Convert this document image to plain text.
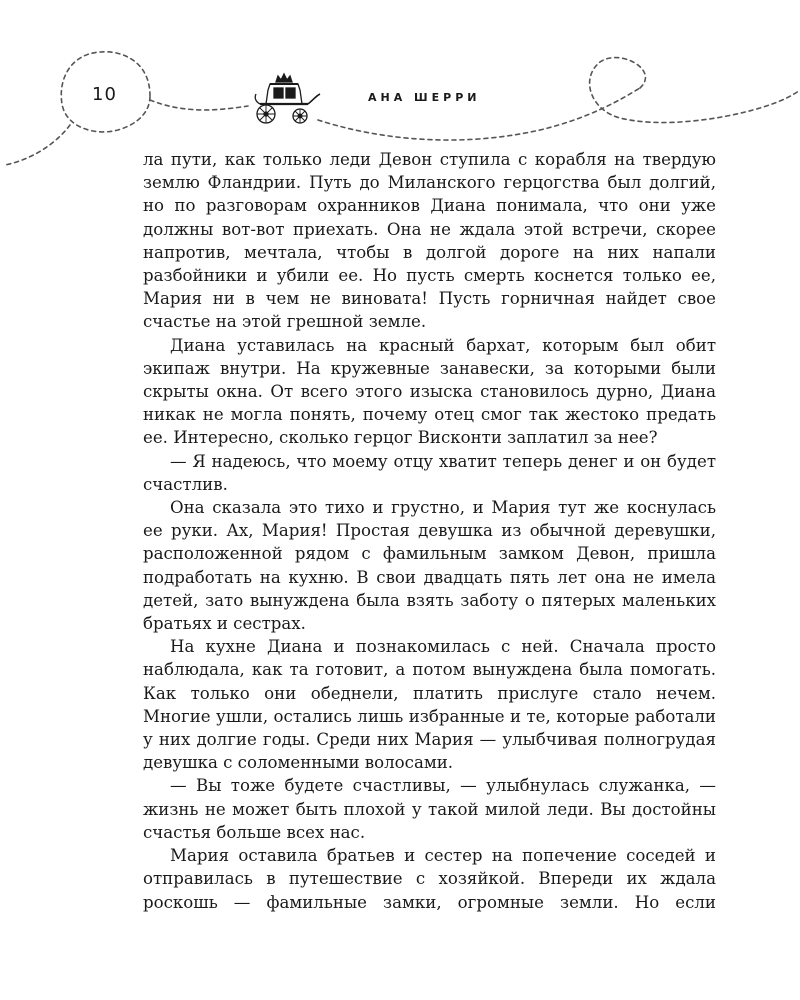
10	АНА ШЕРРИ

ла пути, как только леди Девон ступила с корабля на твердую землю Фландрии. Путь до Миланского герцогства был долгий, но по разговорам охранников Диана понимала, что они уже должны вот-вот приехать. Она не ждала этой встречи, скорее напротив, мечтала, чтобы в долгой дороге на них напали разбойники и убили ее. Но пусть смерть коснется только ее, Мария ни в чем не виновата! Пусть горничная найдет свое счастье на этой грешной земле.

Диана уставилась на красный бархат, которым был обит экипаж внутри. На кружевные занавески, за которыми были скрыты окна. От всего этого изыска становилось дурно, Диана никак не могла понять, почему отец смог так жестоко предать ее. Интересно, сколько герцог Висконти заплатил за нее?

— Я надеюсь, что моему отцу хватит теперь денег и он будет счастлив.

Она сказала это тихо и грустно, и Мария тут же коснулась ее руки. Ах, Мария! Простая девушка из обычной деревушки, расположенной рядом с фамильным замком Девон, пришла подработать на кухню. В свои двадцать пять лет она не имела детей, зато вынуждена была взять заботу о пятерых маленьких братьях и сестрах.

На кухне Диана и познакомилась с ней. Сначала просто наблюдала, как та готовит, а потом вынуждена была помогать. Как только они обеднели, платить прислуге стало нечем. Многие ушли, остались лишь избранные и те, которые работали у них долгие годы. Среди них Мария — улыбчивая полногрудая девушка с соломенными волосами.

— Вы тоже будете счастливы, — улыбнулась служанка, — жизнь не может быть плохой у такой милой леди. Вы достойны счастья больше всех нас.

Мария оставила братьев и сестер на попечение соседей и отправилась в путешествие с хозяйкой. Впереди их ждала роскошь — фамильные замки, огромные земли. Но если
